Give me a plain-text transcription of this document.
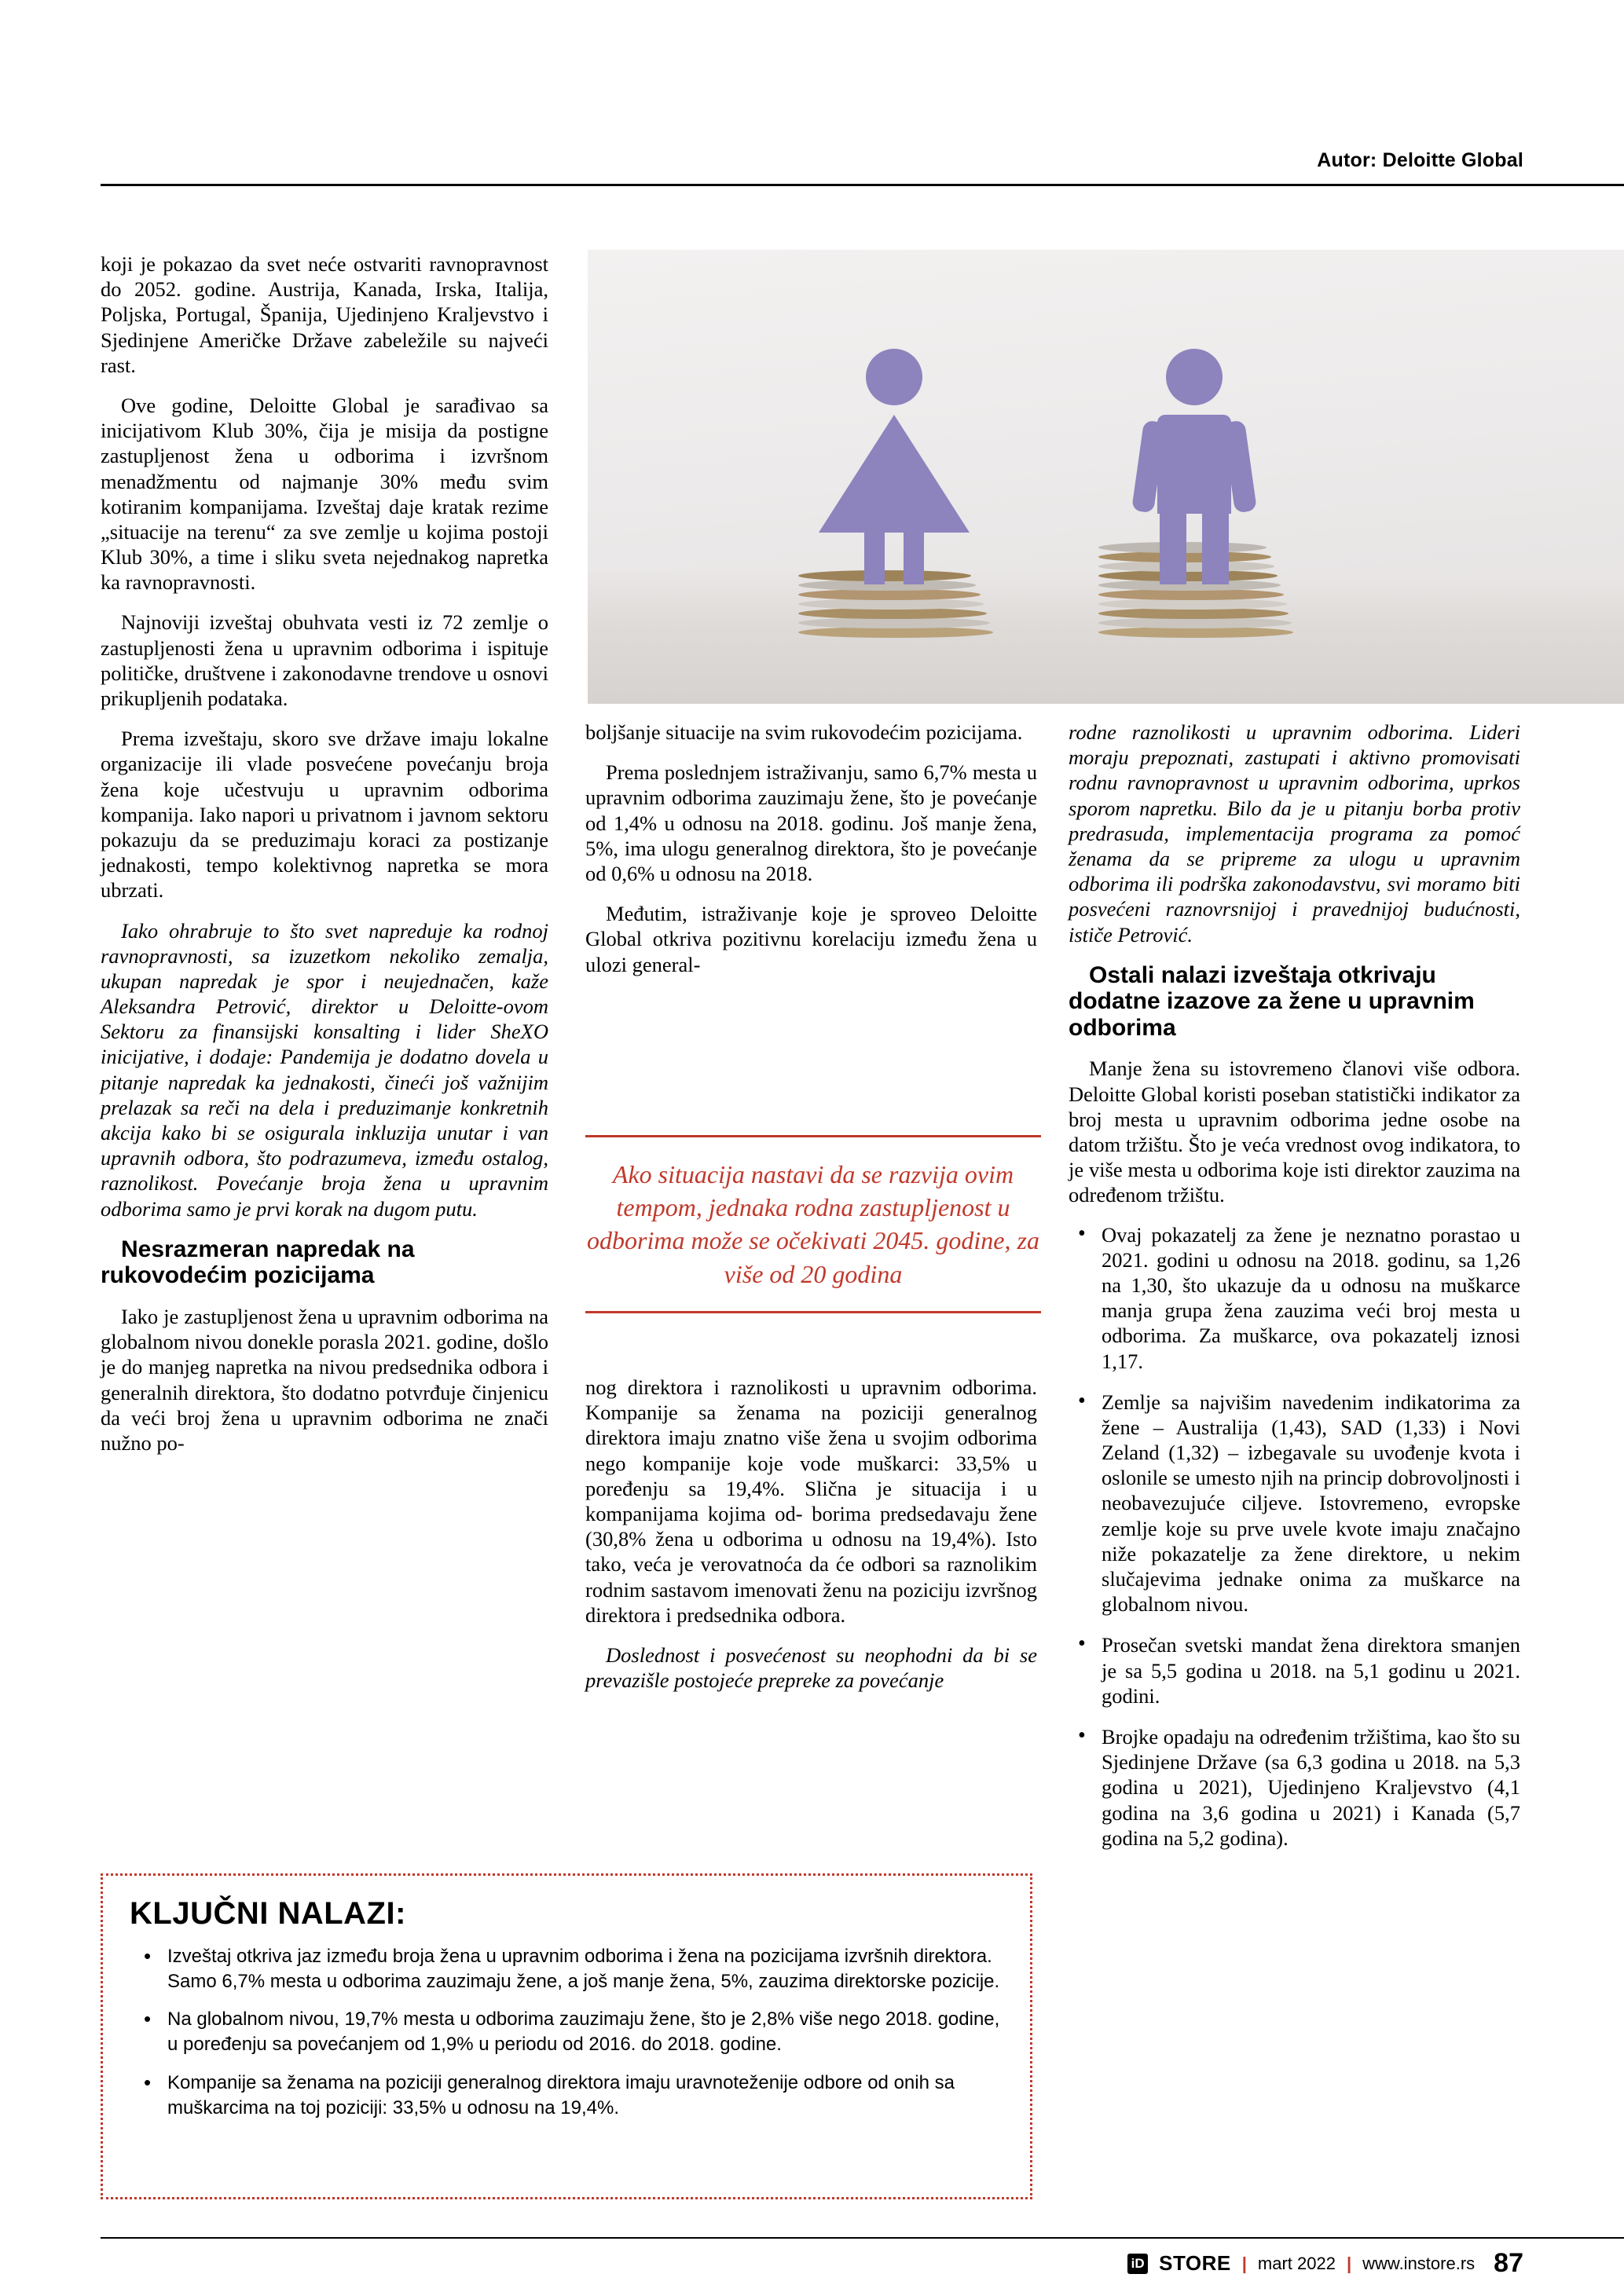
Autor: Deloitte Global

koji je pokazao da svet neće ostvariti ravnopravnost do 2052. godine. Austrija, Kanada, Irska, Italija, Poljska, Portugal, Španija, Ujedinjeno Kraljevstvo i Sjedinjene Američke Države zabeležile su najveći rast.

Ove godine, Deloitte Global je sarađivao sa inicijativom Klub 30%, čija je misija da postigne zastupljenost žena u odborima i izvršnom menadžmentu od najmanje 30% među svim kotiranim kompanijama. Izveštaj daje kratak rezime „situacije na terenu“ za sve zemlje u kojima postoji Klub 30%, a time i sliku sveta nejednakog napretka ka ravnopravnosti.

Najnoviji izveštaj obuhvata vesti iz 72 zemlje o zastupljenosti žena u upravnim odborima i ispituje političke, društvene i zakonodavne trendove u osnovi prikupljenih podataka.

Prema izveštaju, skoro sve države imaju lokalne organizacije ili vlade posvećene povećanju broja žena koje učestvuju u upravnim odborima kompanija. Iako napori u privatnom i javnom sektoru pokazuju da se preduzimaju koraci za postizanje jednakosti, tempo kolektivnog napretka se mora ubrzati.

Iako ohrabruje to što svet napreduje ka rodnoj ravnopravnosti, sa izuzetkom nekoliko zemalja, ukupan napredak je spor i neujednačen, kaže Aleksandra Petrović, direktor u Deloitte-ovom Sektoru za finansijski konsalting i lider SheXO inicijative, i dodaje: Pandemija je dodatno dovela u pitanje napredak ka jednakosti, čineći još važnijim prelazak sa reči na dela i preduzimanje konkretnih akcija kako bi se osigurala inkluzija unutar i van upravnih odbora, što podrazumeva, između ostalog, raznolikost. Povećanje broja žena u upravnim odborima samo je prvi korak na dugom putu.

Nesrazmeran napredak na rukovodećim pozicijama

Iako je zastupljenost žena u upravnim odborima na globalnom nivou donekle porasla 2021. godine, došlo je do manjeg napretka na nivou predsednika odbora i generalnih direktora, što dodatno potvrđuje činjenicu da veći broj žena u upravnim odborima ne znači nužno po-

boljšanje situacije na svim rukovodećim pozicijama.

Prema poslednjem istraživanju, samo 6,7% mesta u upravnim odborima zauzimaju žene, što je povećanje od 1,4% u odnosu na 2018. godinu. Još manje žena, 5%, ima ulogu generalnog direktora, što je povećanje od 0,6% u odnosu na 2018.

Međutim, istraživanje koje je sproveo Deloitte Global otkriva pozitivnu korelaciju između žena u ulozi general-

Ako situacija nastavi da se razvija ovim tempom, jednaka rodna zastupljenost u odborima može se očekivati 2045. godine, za više od 20 godina

nog direktora i raznolikosti u upravnim odborima. Kompanije sa ženama na poziciji generalnog direktora imaju znatno više žena u svojim odborima nego kompanije koje vode muškarci: 33,5% u poređenju sa 19,4%. Slična je situacija i u kompanijama kojima od- borima predsedavaju žene (30,8% žena u odborima u odnosu na 19,4%). Isto tako, veća je verovatnoća da će odbori sa raznolikim rodnim sastavom imenovati ženu na poziciju izvršnog direktora i predsednika odbora.

Doslednost i posvećenost su neophodni da bi se prevazišle postojeće prepreke za povećanje

rodne raznolikosti u upravnim odborima. Lideri moraju prepoznati, zastupati i aktivno promovisati rodnu ravnopravnost u upravnim odborima, uprkos sporom napretku. Bilo da je u pitanju borba protiv predrasuda, implementacija programa za pomoć ženama da se pripreme za ulogu u upravnim odborima ili podrška zakonodavstvu, svi moramo biti posvećeni raznovrsnijoj i pravednijoj budućnosti, ističe Petrović.

Ostali nalazi izveštaja otkrivaju dodatne izazove za žene u upravnim odborima

Manje žena su istovremeno članovi više odbora. Deloitte Global koristi poseban statistički indikator za broj mesta u upravnim odborima jedne osobe na datom tržištu. Što je veća vrednost ovog indikatora, to je više mesta u odborima koje isti direktor zauzima na određenom tržištu.

• Ovaj pokazatelj za žene je neznatno porastao u 2021. godini u odnosu na 2018. godinu, sa 1,26 na 1,30, što ukazuje da u odnosu na muškarce manja grupa žena zauzima veći broj mesta u odborima. Za muškarce, ova pokazatelj iznosi 1,17.
• Zemlje sa najvišim navedenim indikatorima za žene – Australija (1,43), SAD (1,33) i Novi Zeland (1,32) – izbegavale su uvođenje kvota i oslonile se umesto njih na princip dobrovoljnosti i neobavezujuće ciljeve. Istovremeno, evropske zemlje koje su prve uvele kvote imaju značajno niže pokazatelje za žene direktore, u nekim slučajevima jednake onima za muškarce na globalnom nivou.
• Prosečan svetski mandat žena direktora smanjen je sa 5,5 godina u 2018. na 5,1 godinu u 2021. godini.
• Brojke opadaju na određenim tržištima, kao što su Sjedinjene Države (sa 6,3 godina u 2018. na 5,3 godina u 2021), Ujedinjeno Kraljevstvo (4,1 godina na 3,6 godina u 2021) i Kanada (5,7 godina na 5,2 godina).
KLJUČNI NALAZI:
• Izveštaj otkriva jaz između broja žena u upravnim odborima i žena na pozicijama izvršnih direktora. Samo 6,7% mesta u odborima zauzimaju žene, a još manje žena, 5%, zauzima direktorske pozicije.
• Na globalnom nivou, 19,7% mesta u odborima zauzimaju žene, što je 2,8% više nego 2018. godine, u poređenju sa povećanjem od 1,9% u periodu od 2016. do 2018. godine.
• Kompanije sa ženama na poziciji generalnog direktora imaju uravnoteženije odbore od onih sa muškarcima na toj poziciji: 33,5% u odnosu na 19,4%.
iD STORE | mart 2022 | www.instore.rs 87
